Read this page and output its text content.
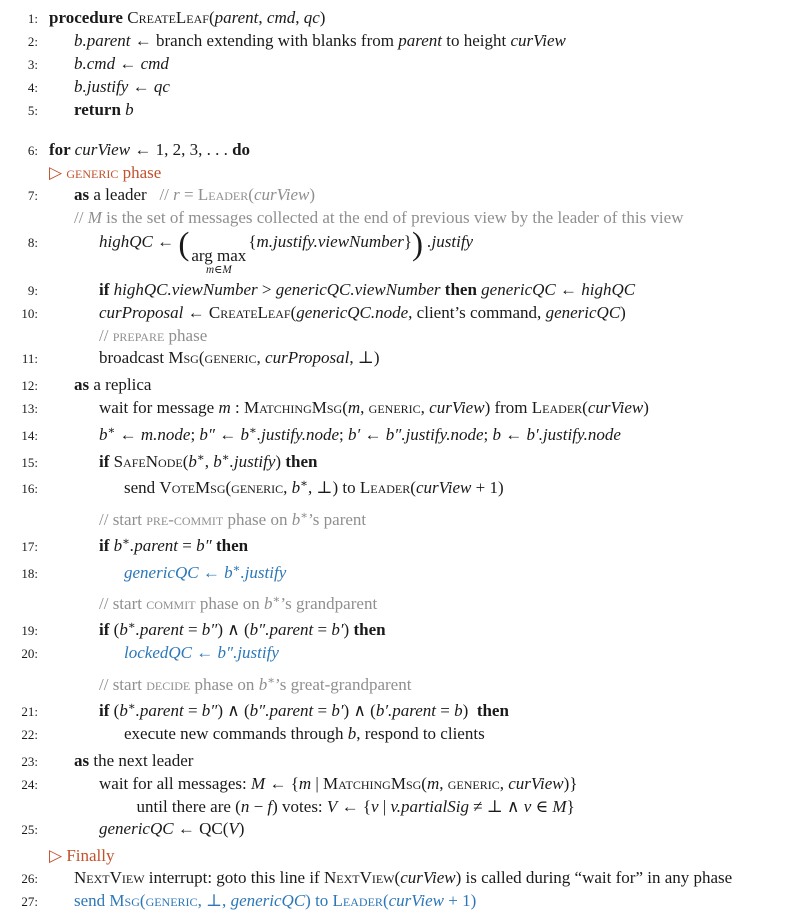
1: procedure CreateLeaf(parent, cmd, qc)
2: b.parent ← branch extending with blanks from parent to height curView
3: b.cmd ← cmd
4: b.justify ← qc
5: return b
6: for curView ← 1, 2, 3, . . . do
▷ generic phase
7: as a leader   // r = Leader(curView)
// M is the set of messages collected at the end of previous view by the leader of this view
8:	highQC ← ( arg max
m∈M
{m.justify.viewNumber}) .justify
9:	if highQC.viewNumber > genericQC.viewNumber then genericQC ← highQC
10:	curProposal ← CreateLeaf(genericQC.node, client’s command, genericQC)
// prepare phase
11:	broadcast Msg(generic, curProposal, ⊥)
12: as a replica
13:	wait for message m : MatchingMsg(m, generic, curView) from Leader(curView)
14:	b∗ ← m.node; b″ ← b∗.justify.node; b′ ← b″.justify.node; b ← b′.justify.node
15:	if SafeNode(b∗, b∗.justify) then
16:	send VoteMsg(generic, b∗, ⊥) to Leader(curView + 1)
// start pre-commit phase on b∗’s parent
17:	if b∗.parent = b″ then
18:	genericQC ← b∗.justify
// start commit phase on b∗’s grandparent
19:	if (b∗.parent = b″) ∧ (b″.parent = b′) then
20:	lockedQC ← b″.justify
// start decide phase on b∗’s great-grandparent
21:	if (b∗.parent = b″) ∧ (b″.parent = b′) ∧ (b′.parent = b)  then
22:	execute new commands through b, respond to clients
23: as the next leader
24:	wait for all messages: M ← {m | MatchingMsg(m, generic, curView)}
until there are (n − f) votes: V ← {v | v.partialSig ≠ ⊥ ∧ v ∈ M}
25:	genericQC ← QC(V)
▷ Finally
26: NextView interrupt: goto this line if NextView(curView) is called during “wait for” in any phase
27: send Msg(generic, ⊥, genericQC) to Leader(curView + 1)
